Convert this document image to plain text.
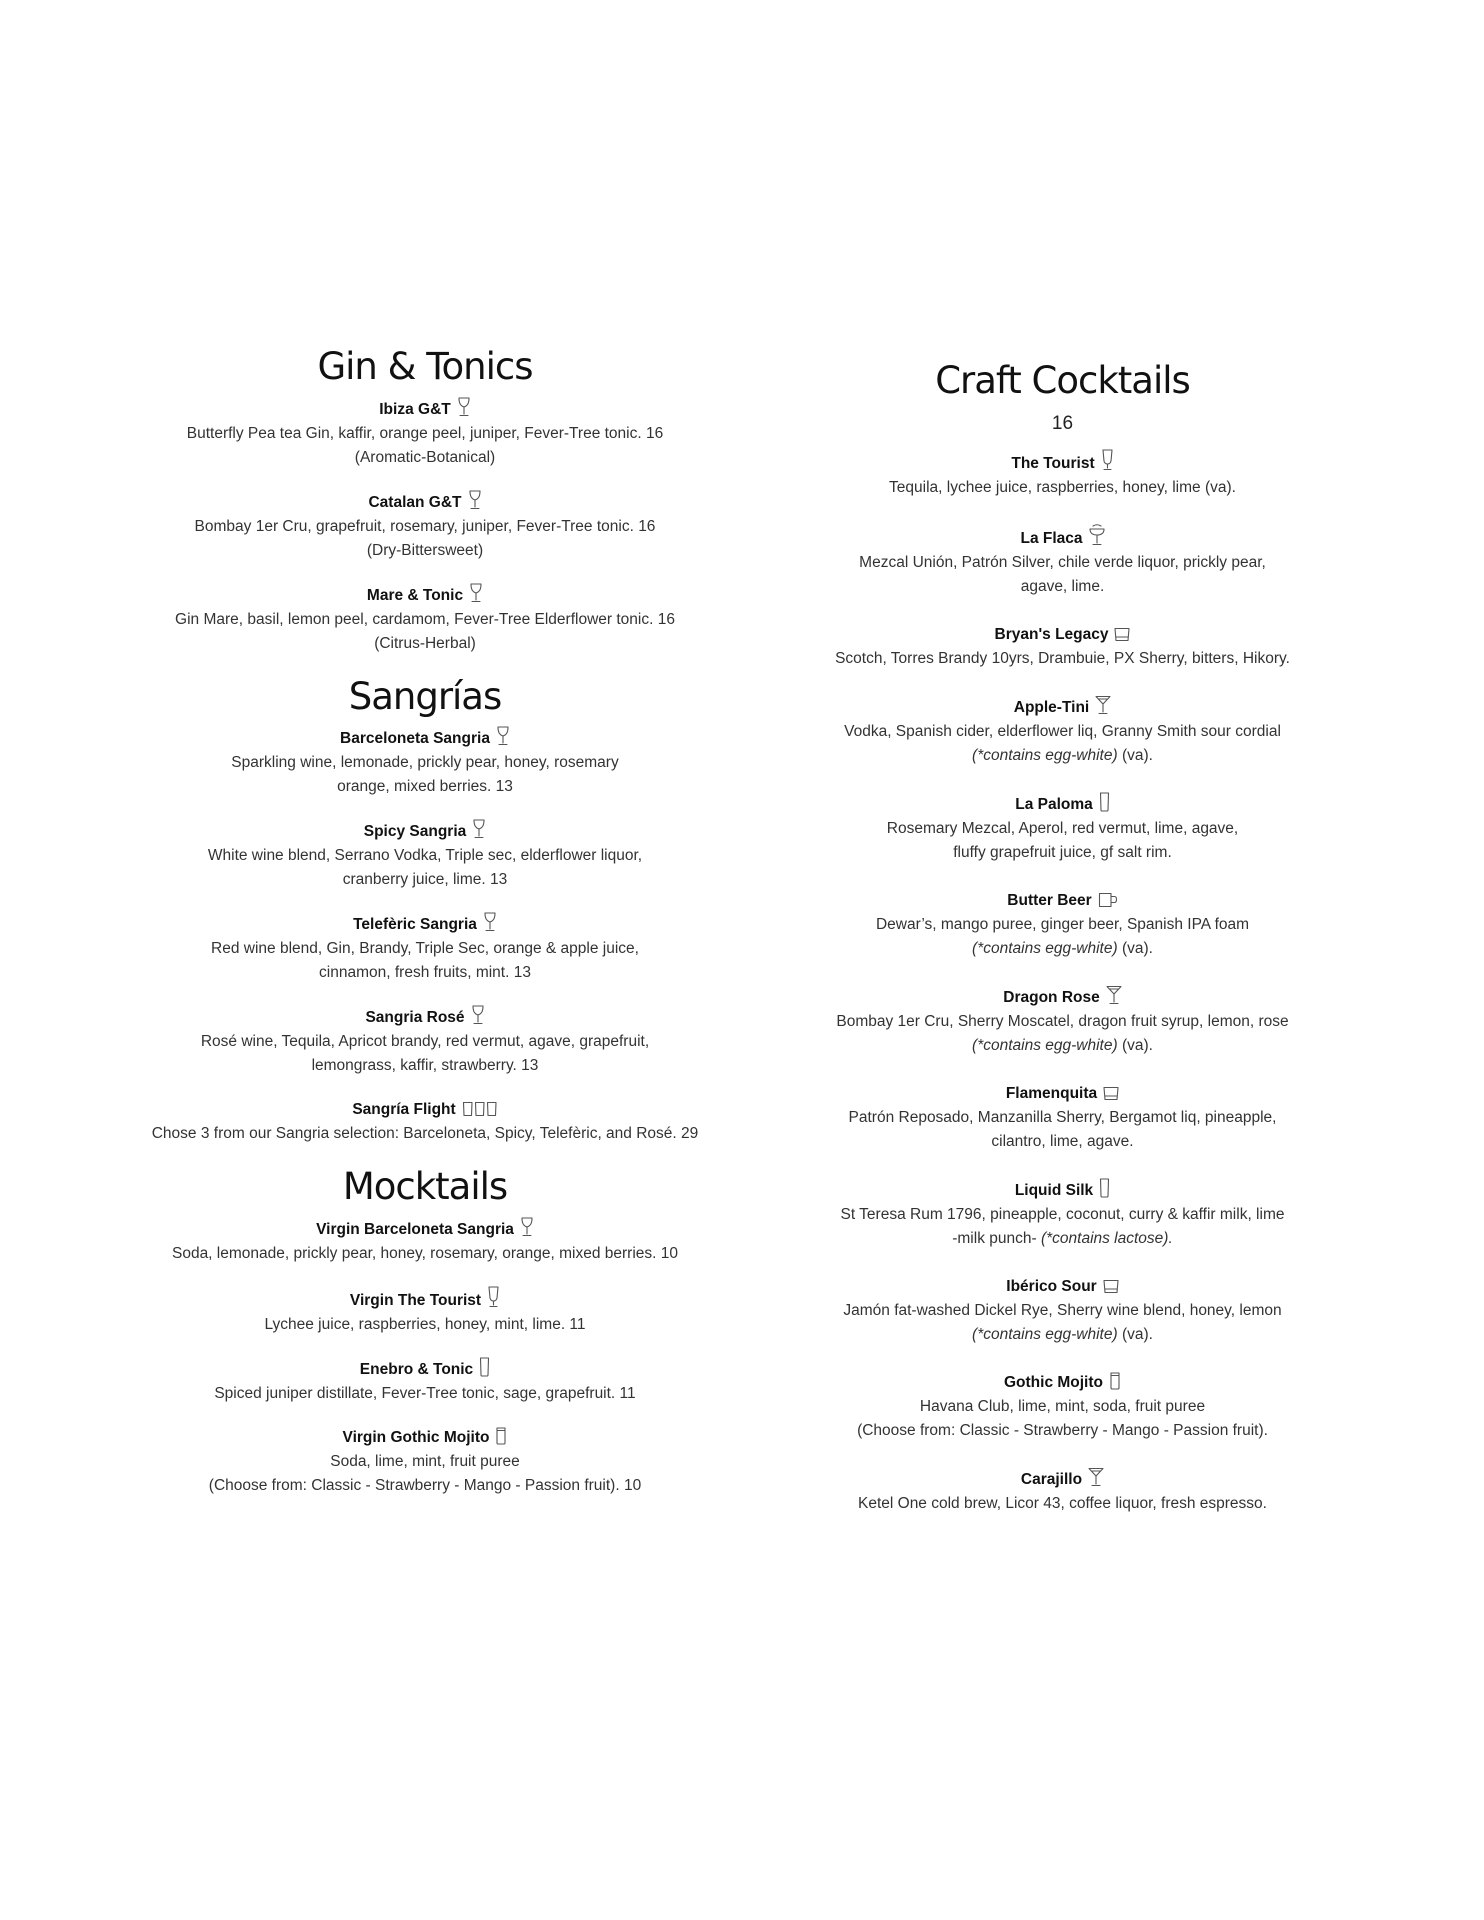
Gin & Tonics
Ibiza G&T
Butterfly Pea tea Gin, kaffir, orange peel, juniper, Fever-Tree tonic. 16
(Aromatic-Botanical)
Catalan G&T
Bombay 1er Cru, grapefruit, rosemary, juniper, Fever-Tree tonic. 16
(Dry-Bittersweet)
Mare & Tonic
Gin Mare, basil, lemon peel, cardamom, Fever-Tree Elderflower tonic. 16
(Citrus-Herbal)
Sangrías
Barceloneta Sangria
Sparkling wine, lemonade, prickly pear, honey, rosemary
orange, mixed berries. 13
Spicy Sangria
White wine blend, Serrano Vodka, Triple sec, elderflower liquor,
cranberry juice, lime. 13
Telefèric Sangria
Red wine blend, Gin, Brandy, Triple Sec, orange & apple juice,
cinnamon, fresh fruits, mint. 13
Sangria Rosé
Rosé wine, Tequila, Apricot brandy, red vermut, agave, grapefruit,
lemongrass, kaffir, strawberry. 13
Sangría Flight
Chose 3 from our Sangria selection: Barceloneta, Spicy, Telefèric, and Rosé. 29
Mocktails
Virgin Barceloneta Sangria
Soda, lemonade, prickly pear, honey, rosemary, orange, mixed berries. 10
Virgin The Tourist
Lychee juice, raspberries, honey, mint, lime. 11
Enebro & Tonic
Spiced juniper distillate, Fever-Tree tonic, sage, grapefruit. 11
Virgin Gothic Mojito
Soda, lime, mint, fruit puree
(Choose from: Classic - Strawberry - Mango - Passion fruit). 10
Craft Cocktails
16
The Tourist
Tequila, lychee juice, raspberries, honey, lime (va).
La Flaca
Mezcal Unión, Patrón Silver, chile verde liquor, prickly pear,
agave, lime.
Bryan's Legacy
Scotch, Torres Brandy 10yrs, Drambuie, PX Sherry, bitters, Hikory.
Apple-Tini
Vodka, Spanish cider, elderflower liq, Granny Smith sour cordial
(*contains egg-white) (va).
La Paloma
Rosemary Mezcal, Aperol, red vermut, lime, agave,
fluffy grapefruit juice, gf salt rim.
Butter Beer
Dewar’s, mango puree, ginger beer, Spanish IPA foam
(*contains egg-white) (va).
Dragon Rose
Bombay 1er Cru, Sherry Moscatel, dragon fruit syrup, lemon, rose
(*contains egg-white) (va).
Flamenquita
Patrón Reposado, Manzanilla Sherry, Bergamot liq, pineapple,
cilantro, lime, agave.
Liquid Silk
St Teresa Rum 1796, pineapple, coconut, curry & kaffir milk, lime
-milk punch- (*contains lactose).
Ibérico Sour
Jamón fat-washed Dickel Rye, Sherry wine blend, honey, lemon
(*contains egg-white) (va).
Gothic Mojito
Havana Club, lime, mint, soda, fruit puree
(Choose from: Classic - Strawberry - Mango - Passion fruit).
Carajillo
Ketel One cold brew, Licor 43, coffee liquor, fresh espresso.
